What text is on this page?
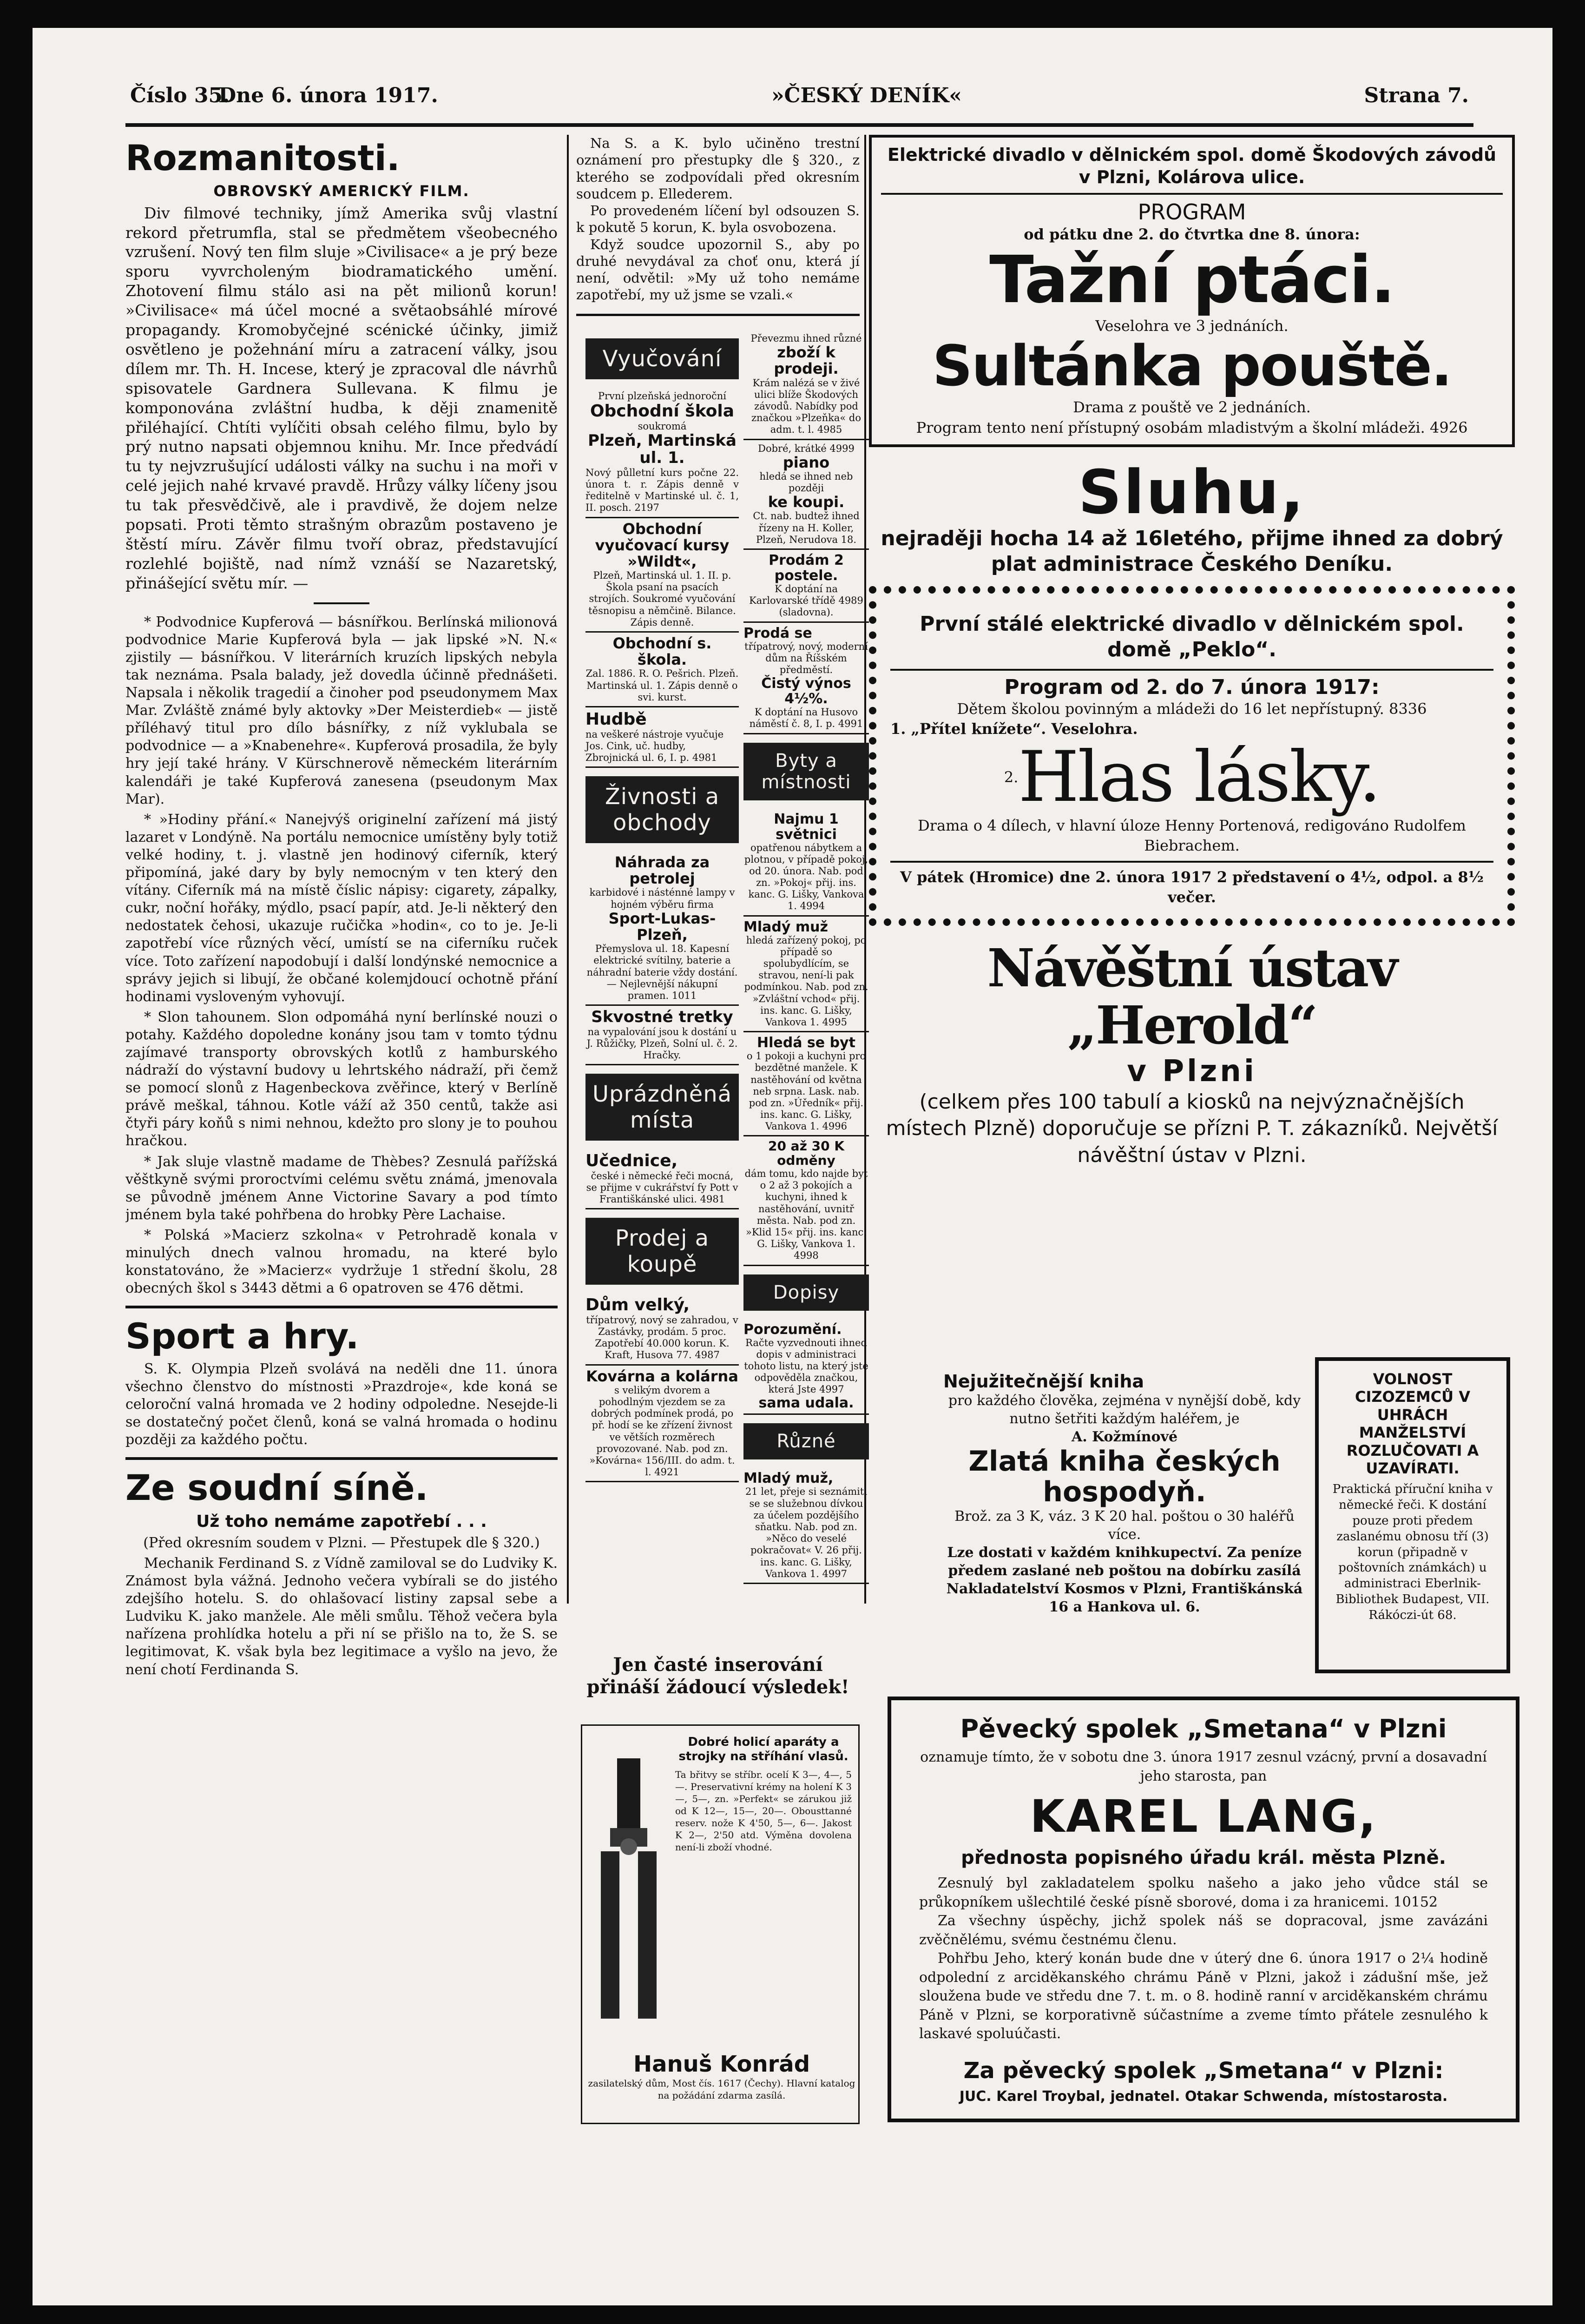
Číslo 35.
Dne 6. února 1917.	»ČESKÝ DENÍK«	Strana 7.
Rozmanitosti.
OBROVSKÝ AMERICKÝ FILM.

Div filmové techniky, jímž Amerika svůj vlastní rekord přetrumfla, stal se předmětem všeobecného vzrušení. Nový ten film sluje »Civilisace« a je prý beze sporu vyvrcholeným biodramatického umění. Zhotovení filmu stálo asi na pět milionů korun! »Civilisace« má účel mocné a světaobsáhlé mírové propagandy. Kromobyčejné scénické účinky, jimiž osvětleno je požehnání míru a zatracení války, jsou dílem mr. Th. H. Incese, který je zpracoval dle návrhů spisovatele Gardnera Sullevana. K filmu je komponována zvláštní hudba, k ději znamenitě přiléhající. Chtíti vylíčiti obsah celého filmu, bylo by prý nutno napsati objemnou knihu. Mr. Ince předvádí tu ty nejvzrušující události války na suchu i na moři v celé jejich nahé krvavé pravdě. Hrůzy války líčeny jsou tu tak přesvědčivě, ale i pravdivě, že dojem nelze popsati. Proti těmto strašným obrazům postaveno je štěstí míru. Závěr filmu tvoří obraz, představující rozlehlé bojiště, nad nímž vznáší se Nazaretský, přinášející světu mír. —

* Podvodnice Kupferová — básnířkou. Berlínská milionová podvodnice Marie Kupferová byla — jak lipské »N. N.« zjistily — básnířkou. V literárních kruzích lipských nebyla tak neznáma. Psala balady, jež dovedla účinně přednášeti. Napsala i několik tragedií a činoher pod pseudonymem Max Mar. Zvláště známé byly aktovky »Der Meisterdieb« — jistě příléhavý titul pro dílo básnířky, z níž vyklubala se podvodnice — a »Knabenehre«. Kupferová prosadila, že byly hry její také hrány. V Kürschnerově německém literárním kalendáři je také Kupferová zanesena (pseudonym Max Mar).

* »Hodiny přání.« Nanejvýš originelní zařízení má jistý lazaret v Londýně. Na portálu nemocnice umístěny byly totiž velké hodiny, t. j. vlastně jen hodinový ciferník, který připomíná, jaké dary by byly nemocným v ten který den vítány. Ciferník má na místě číslic nápisy: cigarety, zápalky, cukr, noční hořáky, mýdlo, psací papír, atd. Je-li některý den nedostatek čehosi, ukazuje ručička »hodin«, co to je. Je-li zapotřebí více různých věcí, umístí se na ciferníku ruček více. Toto zařízení napodobují i další londýnské nemocnice a správy jejich si libují, že občané kolemjdoucí ochotně přání hodinami vysloveným vyhovují.

* Slon tahounem. Slon odpomáhá nyní berlínské nouzi o potahy. Každého dopoledne konány jsou tam v tomto týdnu zajímavé transporty obrovských kotlů z hamburského nádraží do výstavní budovy u lehrtského nádraží, při čemž se pomocí slonů z Hagenbeckova zvěřince, který v Berlíně právě meškal, táhnou. Kotle váží až 350 centů, takže asi čtyři páry koňů s nimi nehnou, kdežto pro slony je to pouhou hračkou.

* Jak sluje vlastně madame de Thèbes? Zesnulá pařížská věštkyně svými proroctvími celému světu známá, jmenovala se původně jménem Anne Victorine Savary a pod tímto jménem byla také pohřbena do hrobky Père Lachaise.

* Polská »Macierz szkolna« v Petrohradě konala v minulých dnech valnou hromadu, na které bylo konstatováno, že »Macierz« vydržuje 1 střední školu, 28 obecných škol s 3443 dětmi a 6 opatroven se 476 dětmi.

Sport a hry.

S. K. Olympia Plzeň svolává na neděli dne 11. února všechno členstvo do místnosti »Prazdroje«, kde koná se celoroční valná hromada ve 2 hodiny odpoledne. Nesejde-li se dostatečný počet členů, koná se valná hromada o hodinu později za každého počtu.

Ze soudní síně.
Už toho nemáme zapotřebí . . .
(Před okresním soudem v Plzni. — Přestupek dle § 320.)

Mechanik Ferdinand S. z Vídně zamiloval se do Ludviky K. Známost byla vážná. Jednoho večera vybírali se do jistého zdejšího hotelu. S. do ohlašovací listiny zapsal sebe a Ludviku K. jako manžele. Ale měli smůlu. Těhož večera byla nařízena prohlídka hotelu a při ní se přišlo na to, že S. se legitimovat, K. však byla bez legitimace a vyšlo na jevo, že není chotí Ferdinanda S.

Na S. a K. bylo učiněno trestní oznámení pro přestupky dle § 320., z kterého se zodpovídali před okresním soudcem p. Ellederem.

Po provedeném líčení byl odsouzen S. k pokutě 5 korun, K. byla osvobozena.

Když soudce upozornil S., aby po druhé nevydával za choť onu, která jí není, odvětil: »My už toho nemáme zapotřebí, my už jsme se vzali.«

Vyučování
První plzeňská jednoroční
Obchodní škola
soukromá
Plzeň, Martinská ul. 1.
Nový půlletní kurs počne 22. února t. r. Zápis denně v ředitelně v Martinské ul. č. 1, II. posch. 2197
Obchodní vyučovací kursy »Wildt«,
Plzeň, Martinská ul. 1. II. p. Škola psaní na psacích strojích. Soukromé vyučování těsnopisu a němčině. Bilance. Zápis denně.
Obchodní s. škola.
Zal. 1886. R. O. Pešrich. Plzeň. Martinská ul. 1. Zápis denně o svi. kurst.
Hudbě
na veškeré nástroje vyučuje Jos. Cink, uč. hudby, Zbrojnická ul. 6, I. p. 4981
Živnosti a obchody
Náhrada za petrolej
karbidové i násténné lampy v hojném výběru firma
Sport-Lukas-Plzeň,
Přemyslova ul. 18. Kapesní elektrické svítilny, baterie a náhradní baterie vždy dostání. — Nejlevnější nákupní pramen. 1011
Skvostné tretky
na vypalování jsou k dostání u J. Růžičky, Plzeň, Solní ul. č. 2. Hračky.
Uprázdněná místa
Učednice,
české i německé řeči mocná, se přijme v cukrářství fy Pott v Františkánské ulici. 4981
Prodej a koupě
Dům velký,
třípatrový, nový se zahradou, v Zastávky, prodám. 5 proc. Zapotřebí 40.000 korun. K. Kraft, Husova 77. 4987
Kovárna a kolárna
s velikým dvorem a pohodlným vjezdem se za dobrých podmínek prodá, po př. hodí se ke zřízení živnost ve větších rozměrech provozované. Nab. pod zn. »Kovárna« 156/III. do adm. t. l. 4921
Převezmu ihned různé
zboží k prodeji.
Krám nalézá se v živé ulici blíže Škodových závodů. Nabídky pod značkou »Plzeňka« do adm. t. l. 4985
Dobré, krátké 4999
piano
hledá se ihned neb později
ke koupi.
Ct. nab. budtež ihned řízeny na H. Koller, Plzeň, Nerudova 18.
Prodám 2 postele.
K doptání na Karlovarské třídě 4989 (sladovna).
Prodá se
třípatrový, nový, moderní dům na Říšském předměstí.
Čistý výnos 4½%.
K doptání na Husovo náměstí č. 8, I. p. 4991
Byty a místnosti
Najmu 1 světnici
opatřenou nábytkem a plotnou, v případě pokoj, od 20. února. Nab. pod zn. »Pokoj« přij. ins. kanc. G. Lišky, Vankova 1. 4994
Mladý muž
hledá zařízený pokoj, po případě so spolubydlícím, se stravou, není-li pak podmínkou. Nab. pod zn. »Zvláštní vchod« přij. ins. kanc. G. Lišky, Vankova 1. 4995
Hledá se byt
o 1 pokoji a kuchyni pro bezdětné manžele. K nastěhování od května neb srpna. Lask. nab. pod zn. »Úředník« přij. ins. kanc. G. Lišky, Vankova 1. 4996
20 až 30 K odměny
dám tomu, kdo najde byt o 2 až 3 pokojích a kuchyni, ihned k nastěhování, uvnitř města. Nab. pod zn. »Klid 15« přij. ins. kanc. G. Lišky, Vankova 1. 4998
Dopisy
Porozumění.
Račte vyzvednouti ihned dopis v administraci tohoto listu, na který jste odpověděla značkou, která Jste 4997
sama udala.
Různé
Mladý muž,
21 let, přeje si seznámiti se se služebnou dívkou za účelem pozdějšího sňatku. Nab. pod zn. »Něco do veselé pokračovat« V. 26 přij. ins. kanc. G. Lišky, Vankova 1. 4997
Jen časté inserování přináší žádoucí výsledek!
Dobré holicí aparáty a strojky na stříhání vlasů.
Ta břitvy se stříbr. ocelí K 3—, 4—, 5—. Preservativní krémy na holení K 3—, 5—, zn. »Perfekt« se zárukou již od K 12—, 15—, 20—. Obousttanné reserv. nože K 4'50, 5—, 6—. Jakost K 2—, 2'50 atd. Výměna dovolena není-li zboží vhodné.
Hanuš Konrád
zasilatelský dům, Most čís. 1617 (Čechy). Hlavní katalog na požádání zdarma zasílá.
Elektrické divadlo v dělnickém spol. domě Škodových závodů v Plzni, Kolárova ulice.
PROGRAM
od pátku dne 2. do čtvrtka dne 8. února:
Tažní ptáci.
Veselohra ve 3 jednáních.
Sultánka pouště.
Drama z pouště ve 2 jednáních.
Program tento není přístupný osobám mladistvým a školní mládeži. 4926
Sluhu,
nejraději hocha 14 až 16letého, přijme ihned za dobrý plat administrace Českého Deníku.
První stálé elektrické divadlo v dělnickém spol. domě „Peklo“.
Program od 2. do 7. února 1917:
Dětem školou povinným a mládeži do 16 let nepřístupný. 8336
1. „Přítel knížete“. Veselohra.
2. Hlas lásky.
Drama o 4 dílech, v hlavní úloze Henny Portenová, redigováno Rudolfem Biebrachem.
V pátek (Hromice) dne 2. února 1917 2 představení o 4½, odpol. a 8½ večer.
Návěštní ústav „Herold“
v Plzni
(celkem přes 100 tabulí a kiosků na nejvýznačnějších místech Plzně) doporučuje se přízni P. T. zákazníků. Největší návěštní ústav v Plzni.
Nejužitečnější kniha

pro každého člověka, zejména v nynější době, kdy nutno šetřiti každým haléřem, je

A. Kožmínové

Zlatá kniha českých hospodyň.

Brož. za 3 K, váz. 3 K 20 hal. poštou o 30 haléřů více.

Lze dostati v každém knihkupectví. Za peníze předem zaslané neb poštou na dobírku zasílá Nakladatelství Kosmos v Plzni, Františkánská 16 a Hankova ul. 6.

VOLNOST CIZOZEMCŮ V UHRÁCH MANŽELSTVÍ ROZLUČOVATI A UZAVÍRATI.
Praktická příruční kniha v německé řeči. K dostání pouze proti předem zaslanému obnosu tří (3) korun (připadně v poštovních známkách) u administraci Eberlnik-Bibliothek Budapest, VII. Rákóczi-út 68.
Pěvecký spolek „Smetana“ v Plzni

oznamuje tímto, že v sobotu dne 3. února 1917 zesnul vzácný, první a dosavadní jeho starosta, pan

KAREL LANG,
přednosta popisného úřadu král. města Plzně.

Zesnulý byl zakladatelem spolku našeho a jako jeho vůdce stál se průkopníkem ušlechtilé české písně sborové, doma i za hranicemi. 10152

Za všechny úspěchy, jichž spolek náš se dopracoval, jsme zavázáni zvěčnělému, svému čestnému členu.

Pohřbu Jeho, který konán bude dne v úterý dne 6. února 1917 o 2¼ hodině odpolední z arciděkanského chrámu Páně v Plzni, jakož i zádušní mše, jež sloužena bude ve středu dne 7. t. m. o 8. hodině ranní v arciděkanském chrámu Páně v Plzni, se korporativně súčastníme a zveme tímto přátele zesnulého k laskavé spoluúčasti.

Za pěvecký spolek „Smetana“ v Plzni:
JUC. Karel Troybal, jednatel. Otakar Schwenda, místostarosta.
